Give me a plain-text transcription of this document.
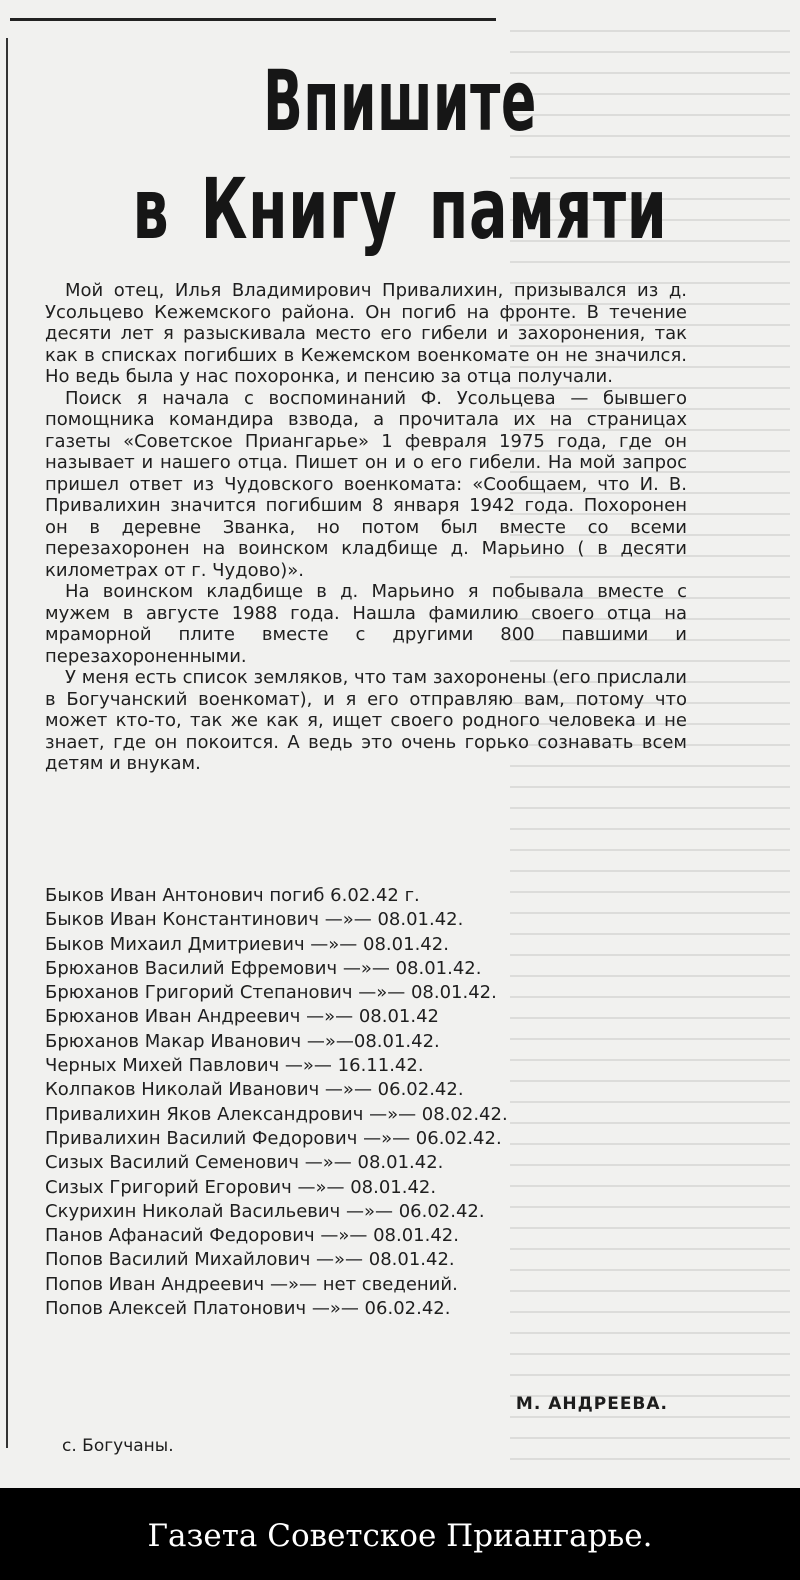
Впишите
в Книгу памяти

Мой отец, Илья Владимирович Привалихин, призывался из д. Усольцево Кежемского района. Он погиб на фронте. В течение десяти лет я разыскивала место его гибели и захоронения, так как в списках погибших в Кежемском военкомате он не значился. Но ведь была у нас похоронка, и пенсию за отца получали.

Поиск я начала с воспоминаний Ф. Усольцева — бывшего помощника командира взвода, а прочитала их на страницах газеты «Советское Приангарье» 1 февраля 1975 года, где он называет и нашего отца. Пишет он и о его гибели. На мой запрос пришел ответ из Чудовского военкомата: «Сообщаем, что И. В. Привалихин значится погибшим 8 января 1942 года. Похоронен он в деревне Званка, но потом был вместе со всеми перезахоронен на воинском кладбище д. Марьино ( в десяти километрах от г. Чудово)».

На воинском кладбище в д. Марьино я побывала вместе с мужем в августе 1988 года. Нашла фамилию своего отца на мраморной плите вместе с другими 800 павшими и перезахороненными.

У меня есть список земляков, что там захоронены (его прислали в Богучанский военкомат), и я его отправляю вам, потому что может кто-то, так же как я, ищет своего родного человека и не знает, где он покоится. А ведь это очень горько сознавать всем детям и внукам.

Быков Иван Антонович погиб 6.02.42 г.
Быков Иван Константинович —»— 08.01.42.
Быков Михаил Дмитриевич —»— 08.01.42.
Брюханов Василий Ефремович —»— 08.01.42.
Брюханов Григорий Степанович —»— 08.01.42.
Брюханов Иван Андреевич —»— 08.01.42
Брюханов Макар Иванович —»—08.01.42.
Черных Михей Павлович —»— 16.11.42.
Колпаков Николай Иванович —»— 06.02.42.
Привалихин Яков Александрович —»— 08.02.42.
Привалихин Василий Федорович —»— 06.02.42.
Сизых Василий Семенович —»— 08.01.42.
Сизых Григорий Егорович —»— 08.01.42.
Скурихин Николай Васильевич —»— 06.02.42.
Панов Афанасий Федорович —»— 08.01.42.
Попов Василий Михайлович —»— 08.01.42.
Попов Иван Андреевич —»— нет сведений.
Попов Алексей Платонович —»— 06.02.42.
М. АНДРЕЕВА.
с. Богучаны.
Газета Советское Приангарье.
